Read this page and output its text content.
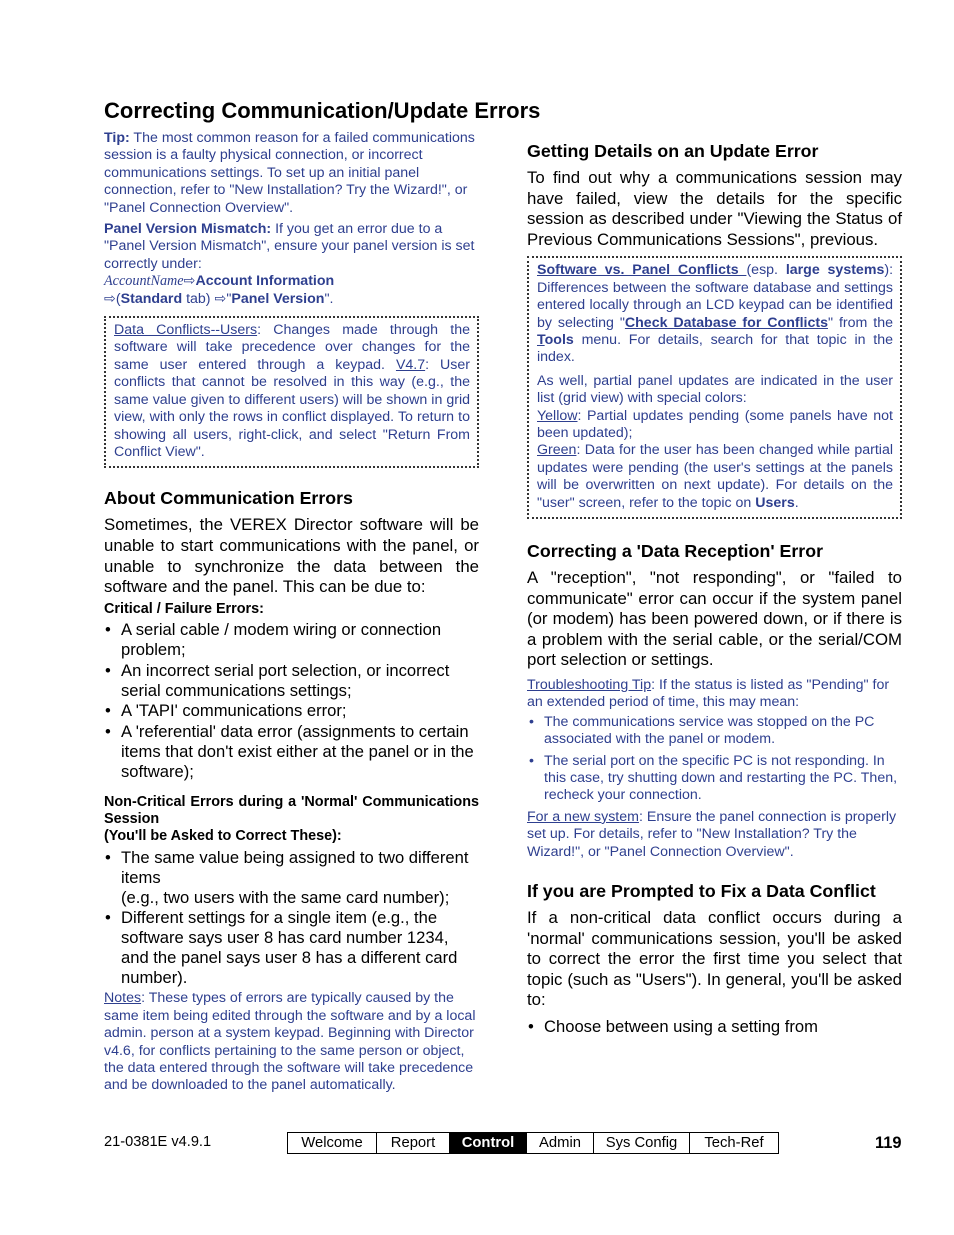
Correcting Communication/Update Errors

Tip: The most common reason for a failed communications session is a faulty physical connection, or incorrect communications settings. To set up an initial panel connection, refer to "New Installation? Try the Wizard!", or "Panel Connection Overview".

Panel Version Mismatch: If you get an error due to a "Panel Version Mismatch", ensure your panel version is set correctly under:

AccountName⇨Account Information
⇨(Standard tab) ⇨"Panel Version".

Data Conflicts--Users: Changes made through the software will take precedence over changes for the same user entered through a keypad. V4.7: User conflicts that cannot be resolved in this way (e.g., the same value given to different users) will be shown in grid view, with only the rows in conflict displayed. To return to showing all users, right-click, and select "Return From Conflict View".

About Communication Errors

Sometimes, the VEREX Director software will be unable to start communications with the panel, or unable to synchronize the data between the software and the panel. This can be due to:

Critical / Failure Errors:

• A serial cable / modem wiring or connection problem;
• An incorrect serial port selection, or incorrect serial communications settings;
• A 'TAPI' communications error;
• A 'referential' data error (assignments to certain items that don't exist either at the panel or in the software);

Non-Critical Errors during a 'Normal' Communications Session

(You'll be Asked to Correct These):

• The same value being assigned to two different items
(e.g., two users with the same card number);
• Different settings for a single item (e.g., the software says user 8 has card number 1234, and the panel says user 8 has a different card number).

Notes: These types of errors are typically caused by the same item being edited through the software and by a local admin. person at a system keypad. Beginning with Director v4.6, for conflicts pertaining to the same person or object, the data entered through the software will take precedence and be downloaded to the panel automatically.

Getting Details on an Update Error

To find out why a communications session may have failed, view the details for the specific session as described under "Viewing the Status of Previous Communications Sessions", previous.

Software vs. Panel Conflicts (esp. large systems): Differences between the software database and settings entered locally through an LCD keypad can be identified by selecting "Check Database for Conflicts" from the Tools menu. For details, search for that topic in the index.

As well, partial panel updates are indicated in the user list (grid view) with special colors:

Yellow: Partial updates pending (some panels have not been updated);

Green: Data for the user has been changed while partial updates were pending (the user's settings at the panels will be overwritten on next update). For details on the "user" screen, refer to the topic on Users.

Correcting a 'Data Reception' Error

A "reception", "not responding", or "failed to communicate" error can occur if the system panel (or modem) has been powered down, or if there is a problem with the serial cable, or the serial/COM port selection or settings.

Troubleshooting Tip: If the status is listed as "Pending" for an extended period of time, this may mean:

• The communications service was stopped on the PC associated with the panel or modem.
• The serial port on the specific PC is not responding. In this case, try shutting down and restarting the PC. Then, recheck your connection.

For a new system: Ensure the panel connection is properly set up. For details, refer to "New Installation? Try the Wizard!", or "Panel Connection Overview".

If you are Prompted to Fix a Data Conflict

If a non-critical data conflict occurs during a 'normal' communications session, you'll be asked to correct the error the first time you select that topic (such as "Users"). In general, you'll be asked to:

• Choose between using a setting from
21-0381E v4.9.1	Welcome	Report	Control	Admin	Sys Config	Tech-Ref	119
